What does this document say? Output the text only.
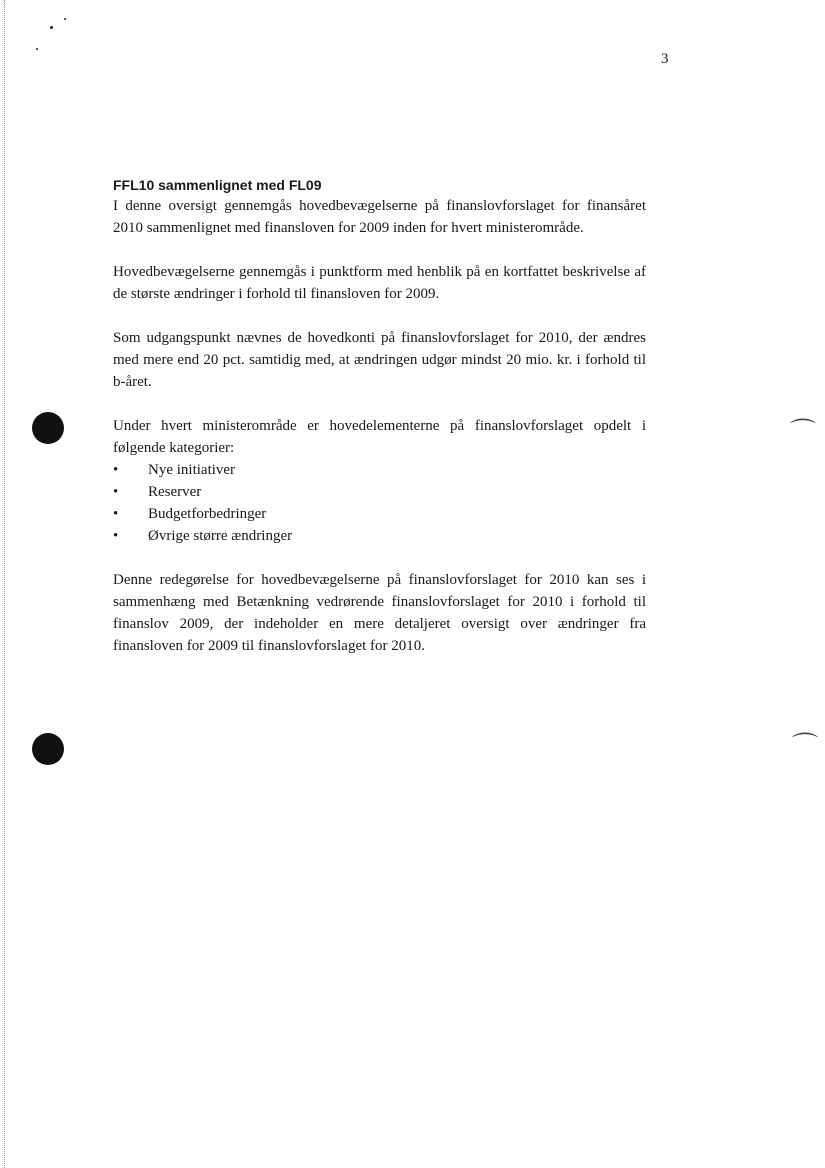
3
⌒
⌒
FFL10 sammenlignet med FL09

I denne oversigt gennemgås hovedbevægelserne på finanslovforslaget for finansåret 2010 sammenlignet med finansloven for 2009 inden for hvert ministerområde.

Hovedbevægelserne gennemgås i punktform med henblik på en kortfattet beskrivelse af de største ændringer i forhold til finansloven for 2009.

Som udgangspunkt nævnes de hovedkonti på finanslovforslaget for 2010, der ændres med mere end 20 pct. samtidig med, at ændringen udgør mindst 20 mio. kr. i forhold til b-året.

Under hvert ministerområde er hovedelementerne på finanslovforslaget opdelt i følgende kategorier:

• Nye initiativer
• Reserver
• Budgetforbedringer
• Øvrige større ændringer

Denne redegørelse for hovedbevægelserne på finanslovforslaget for 2010 kan ses i sammenhæng med Betænkning vedrørende finanslovforslaget for 2010 i forhold til finanslov 2009, der indeholder en mere detaljeret oversigt over ændringer fra finansloven for 2009 til finanslovforslaget for 2010.
